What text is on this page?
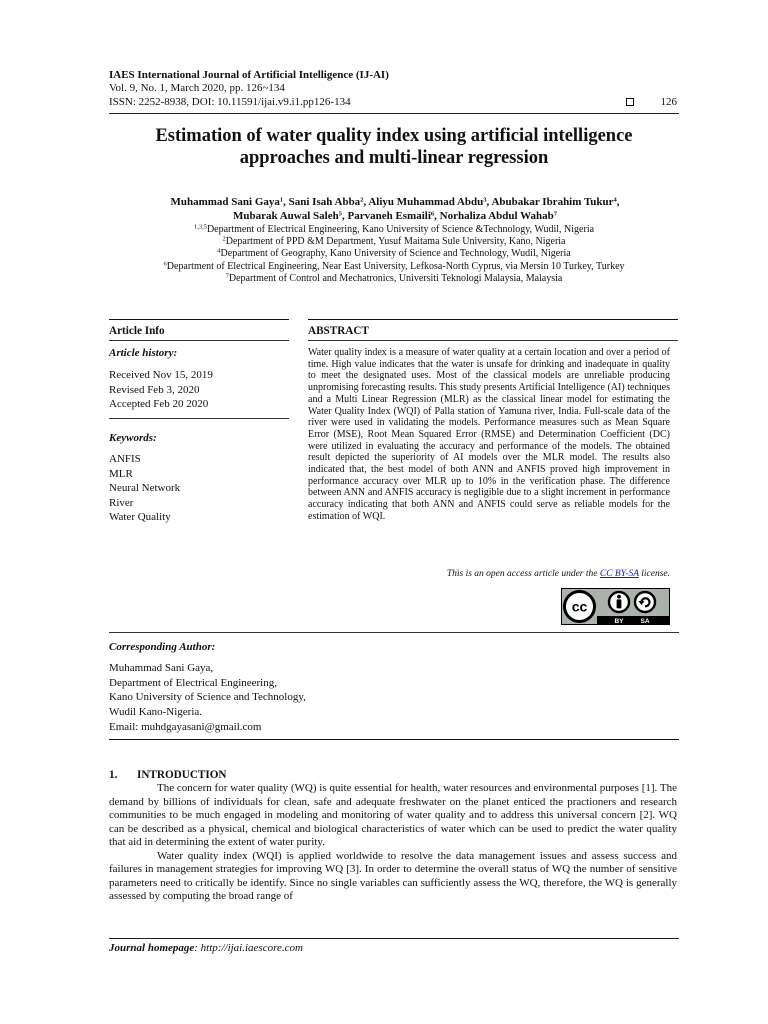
IAES International Journal of Artificial Intelligence (IJ-AI)
Vol. 9, No. 1, March 2020, pp. 126~134
ISSN: 2252-8938, DOI: 10.11591/ijai.v9.i1.pp126-134	126
Estimation of water quality index using artificial intelligence
approaches and multi-linear regression
Muhammad Sani Gaya$^1$, Sani Isah Abba$^2$, Aliyu Muhammad Abdu$^3$, Abubakar Ibrahim Tukur$^4$,
Mubarak Auwal Saleh$^5$, Parvaneh Esmaili$^6$, Norhaliza Abdul Wahab$^7$
$^{1,3,5}$Department of Electrical Engineering, Kano University of Science &Technology, Wudil, Nigeria
$^2$Department of PPD &M Department, Yusuf Maitama Sule University, Kano, Nigeria
$^4$Department of Geography, Kano University of Science and Technology, Wudil, Nigeria
$^6$Department of Electrical Engineering, Near East University, Lefkosa-North Cyprus, via Mersin 10 Turkey, Turkey
$^7$Department of Control and Mechatronics, Universiti Teknologi Malaysia, Malaysia
Article Info
Article history:
Received Nov 15, 2019
Revised Feb 3, 2020
Accepted Feb 20 2020
Keywords:
ANFIS
MLR
Neural Network
River
Water Quality
ABSTRACT
Water quality index is a measure of water quality at a certain location and over a period of time. High value indicates that the water is unsafe for drinking and inadequate in quality to meet the designated uses. Most of the classical models are unreliable producing unpromising forecasting results. This study presents Artificial Intelligence (AI) techniques and a Multi Linear Regression (MLR) as the classical linear model for estimating the Water Quality Index (WQI) of Palla station of Yamuna river, India. Full-scale data of the river were used in validating the models. Performance measures such as Mean Square Error (MSE), Root Mean Squared Error (RMSE) and Determination Coefficient (DC) were utilized in evaluating the accuracy and performance of the models. The obtained result depicted the superiority of AI models over the MLR model. The results also indicated that, the best model of both ANN and ANFIS proved high improvement in performance accuracy over MLR up to 10% in the verification phase. The difference between ANN and ANFIS accuracy is negligible due to a slight increment in performance accuracy indicating that both ANN and ANFIS could serve as reliable models for the estimation of WQI.
This is an open access article under the CC BY-SA license.
cc
BY	SA
Corresponding Author:
Muhammad Sani Gaya,
Department of Electrical Engineering,
Kano University of Science and Technology,
Wudil Kano-Nigeria.
Email: muhdgayasani@gmail.com
1. INTRODUCTION

The concern for water quality (WQ) is quite essential for health, water resources and environmental purposes [1]. The demand by billions of individuals for clean, safe and adequate freshwater on the planet enticed the practioners and research communities to be much engaged in modeling and monitoring of water quality and to address this universal concern [2]. WQ can be described as a physical, chemical and biological characteristics of water which can be used to predict the water quality that aid in determining the extent of water purity.

Water quality index (WQI) is applied worldwide to resolve the data management issues and assess success and failures in management strategies for improving WQ [3]. In order to determine the overall status of WQ the number of sensitive parameters need to critically be identify. Since no single variables can sufficiently assess the WQ, therefore, the WQ is generally assessed by computing the broad range of

Journal homepage: http://ijai.iaescore.com
